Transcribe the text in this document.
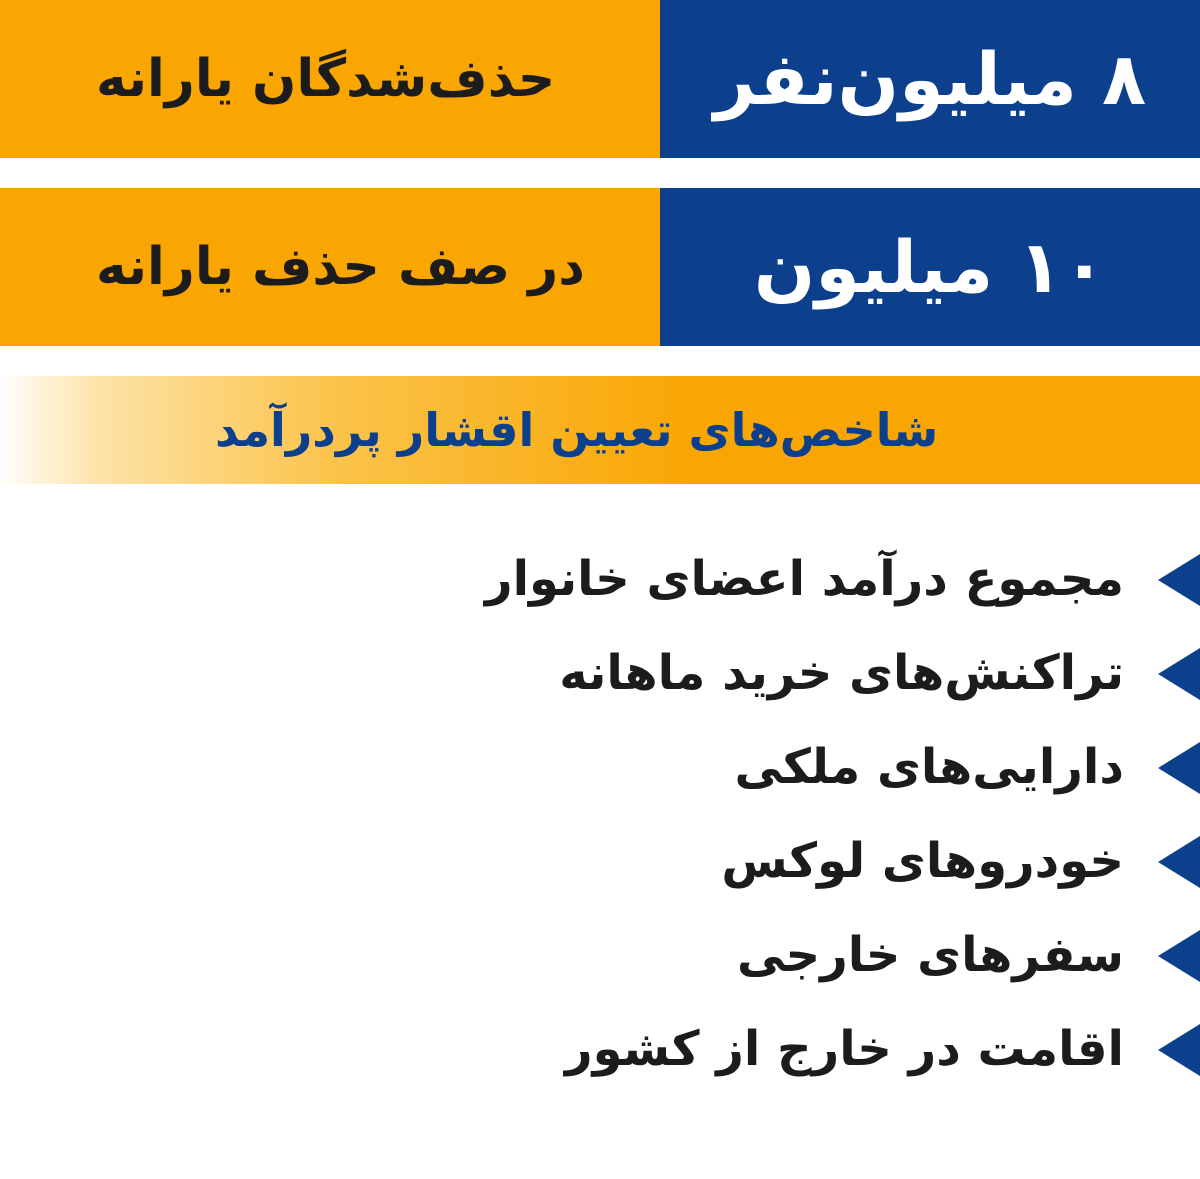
۸ میلیون‌نفر
حذف‌شدگان یارانه
۱۰ میلیون
در صف حذف یارانه
شاخص‌های تعیین اقشار پردرآمد
مجموع درآمد اعضای خانوار
تراکنش‌های خرید ماهانه
دارایی‌های ملکی
خودروهای لوکس
سفرهای خارجی
اقامت در خارج از کشور
